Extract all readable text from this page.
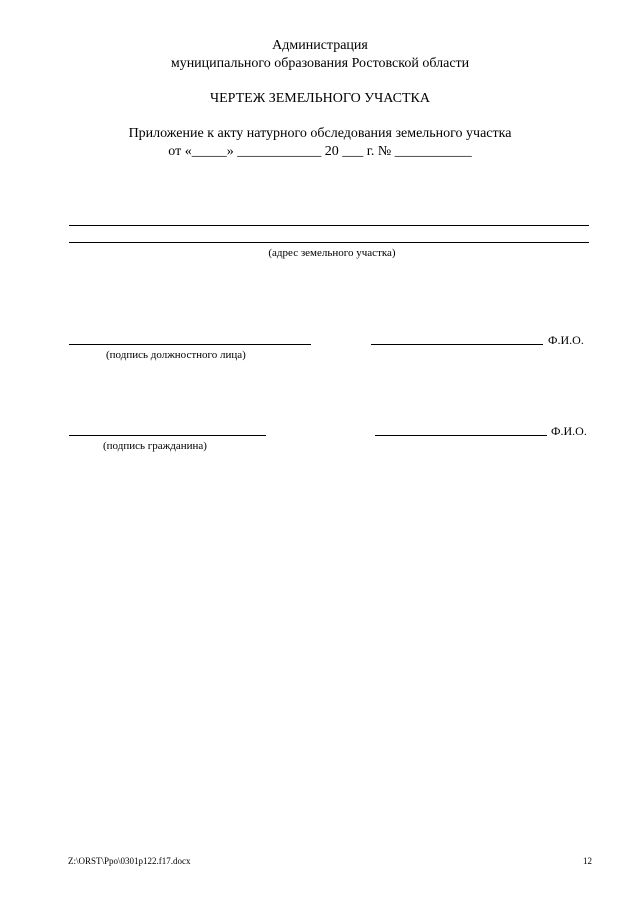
Администрация
муниципального образования Ростовской области
ЧЕРТЕЖ ЗЕМЕЛЬНОГО УЧАСТКА
Приложение к акту натурного обследования земельного участка
от «_____» ____________ 20 ___ г. № ___________
(адрес земельного участка)
Ф.И.О.
(подпись должностного лица)
Ф.И.О.
(подпись гражданина)
Z:\ORST\Ppo\0301p122.f17.docx	12
